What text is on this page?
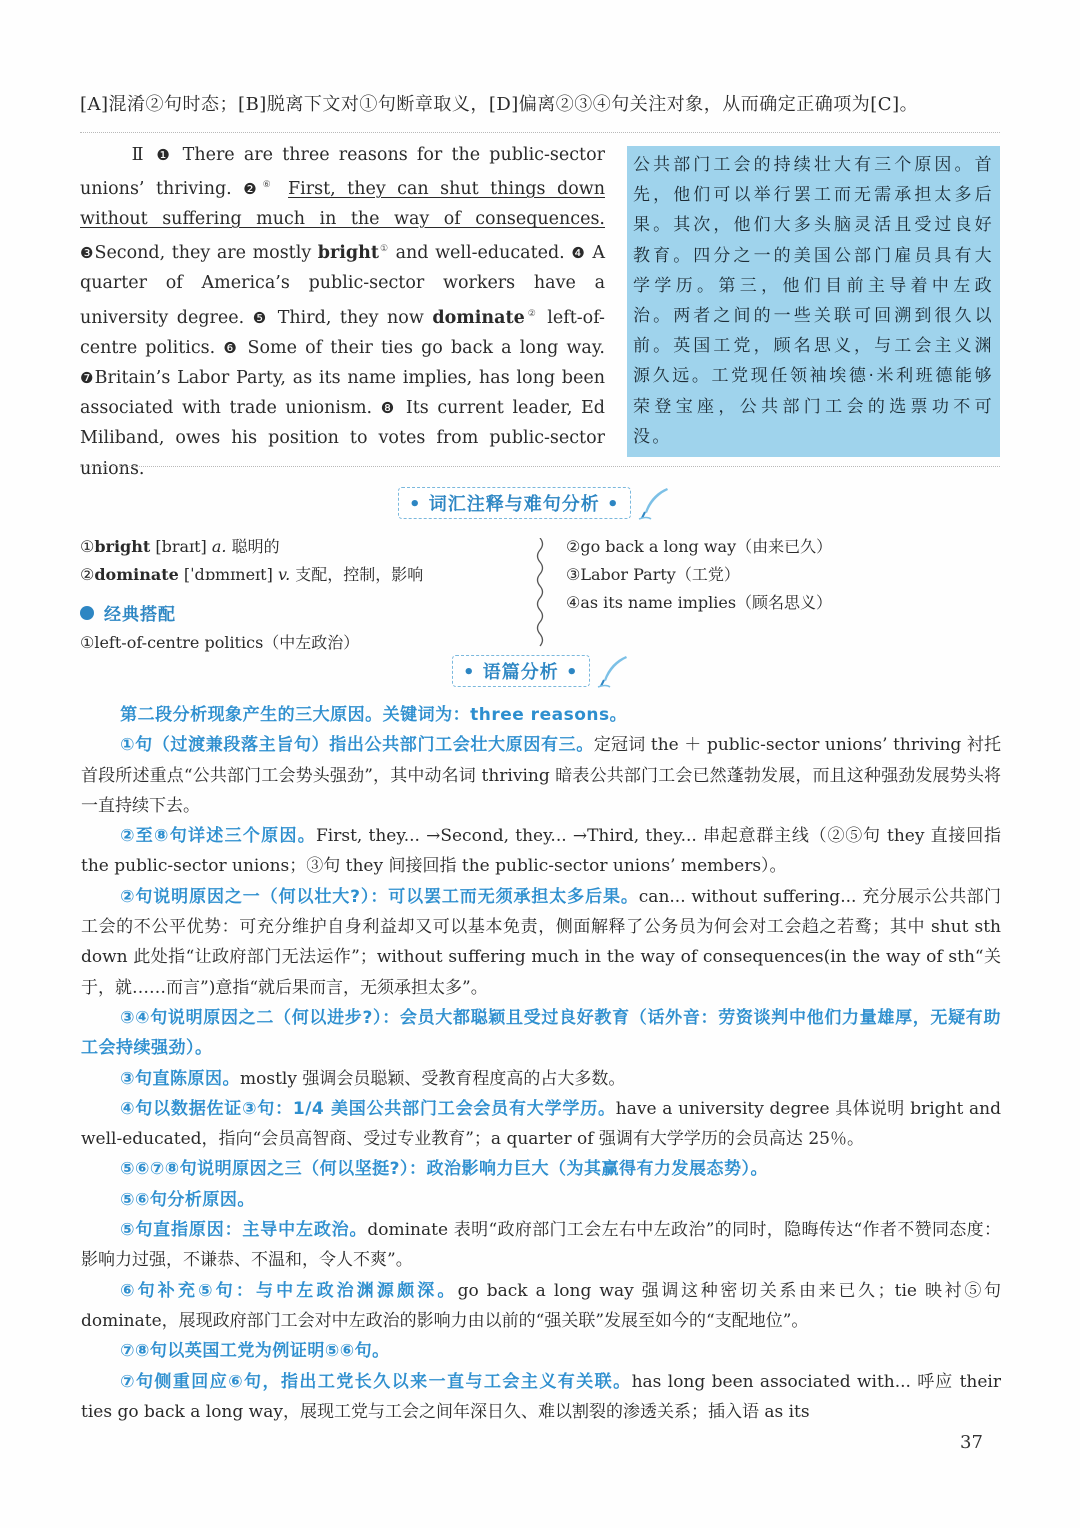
[A]混淆②句时态；[B]脱离下文对①句断章取义，[D]偏离②③④句关注对象，从而确定正确项为[C]。
Ⅱ ❶ There are three reasons for the public-sector unions’ thriving. ❷⑥ First, they can shut things down without suffering much in the way of consequences. ❸Second, they are mostly bright① and well-educated. ❹ A quarter of America’s public-sector workers have a university degree. ❺ Third, they now dominate② left-of-centre politics. ❻ Some of their ties go back a long way. ❼Britain’s Labor Party, as its name implies, has long been associated with trade unionism. ❽ Its current leader, Ed Miliband, owes his position to votes from public-sector unions.
公共部门工会的持续壮大有三个原因。首先，他们可以举行罢工而无需承担太多后果。其次，他们大多头脑灵活且受过良好教育。四分之一的美国公部门雇员具有大学学历。第三，他们目前主导着中左政治。两者之间的一些关联可回溯到很久以前。英国工党，顾名思义，与工会主义渊源久远。工党现任领袖埃德·米利班德能够荣登宝座，公共部门工会的选票功不可没。
• 词汇注释与难句分析 •
①bright [braɪt] a. 聪明的
②dominate [ˈdɒmɪneɪt] v. 支配，控制，影响
经典搭配
①left-of-centre politics（中左政治）
②go back a long way（由来已久）
③Labor Party（工党）
④as its name implies（顾名思义）
• 语篇分析 •

第二段分析现象产生的三大原因。关键词为：three reasons。

①句（过渡兼段落主旨句）指出公共部门工会壮大原因有三。定冠词 the ＋ public-sector unions’ thriving 衬托首段所述重点“公共部门工会势头强劲”，其中动名词 thriving 暗表公共部门工会已然蓬勃发展，而且这种强劲发展势头将一直持续下去。

②至⑧句详述三个原因。First, they... →Second, they... →Third, they... 串起意群主线（②⑤句 they 直接回指 the public-sector unions；③句 they 间接回指 the public-sector unions’ members）。

②句说明原因之一（何以壮大?）：可以罢工而无须承担太多后果。can... without suffering... 充分展示公共部门工会的不公平优势：可充分维护自身利益却又可以基本免责，侧面解释了公务员为何会对工会趋之若鹜；其中 shut sth down 此处指“让政府部门无法运作”；without suffering much in the way of consequences(in the way of sth“关于，就……而言”)意指“就后果而言，无须承担太多”。

③④句说明原因之二（何以进步?）：会员大都聪颖且受过良好教育（话外音：劳资谈判中他们力量雄厚，无疑有助工会持续强劲）。

③句直陈原因。mostly 强调会员聪颖、受教育程度高的占大多数。

④句以数据佐证③句：1/4 美国公共部门工会会员有大学学历。have a university degree 具体说明 bright and well-educated，指向“会员高智商、受过专业教育”；a quarter of 强调有大学学历的会员高达 25％。

⑤⑥⑦⑧句说明原因之三（何以坚挺?）：政治影响力巨大（为其赢得有力发展态势）。

⑤⑥句分析原因。

⑤句直指原因：主导中左政治。dominate 表明“政府部门工会左右中左政治”的同时，隐晦传达“作者不赞同态度：影响力过强，不谦恭、不温和，令人不爽”。

⑥句补充⑤句：与中左政治渊源颇深。go back a long way 强调这种密切关系由来已久；tie 映衬⑤句 dominate，展现政府部门工会对中左政治的影响力由以前的“强关联”发展至如今的“支配地位”。

⑦⑧句以英国工党为例证明⑤⑥句。

⑦句侧重回应⑥句，指出工党长久以来一直与工会主义有关联。has long been associated with... 呼应 their ties go back a long way，展现工党与工会之间年深日久、难以割裂的渗透关系；插入语 as its

37
